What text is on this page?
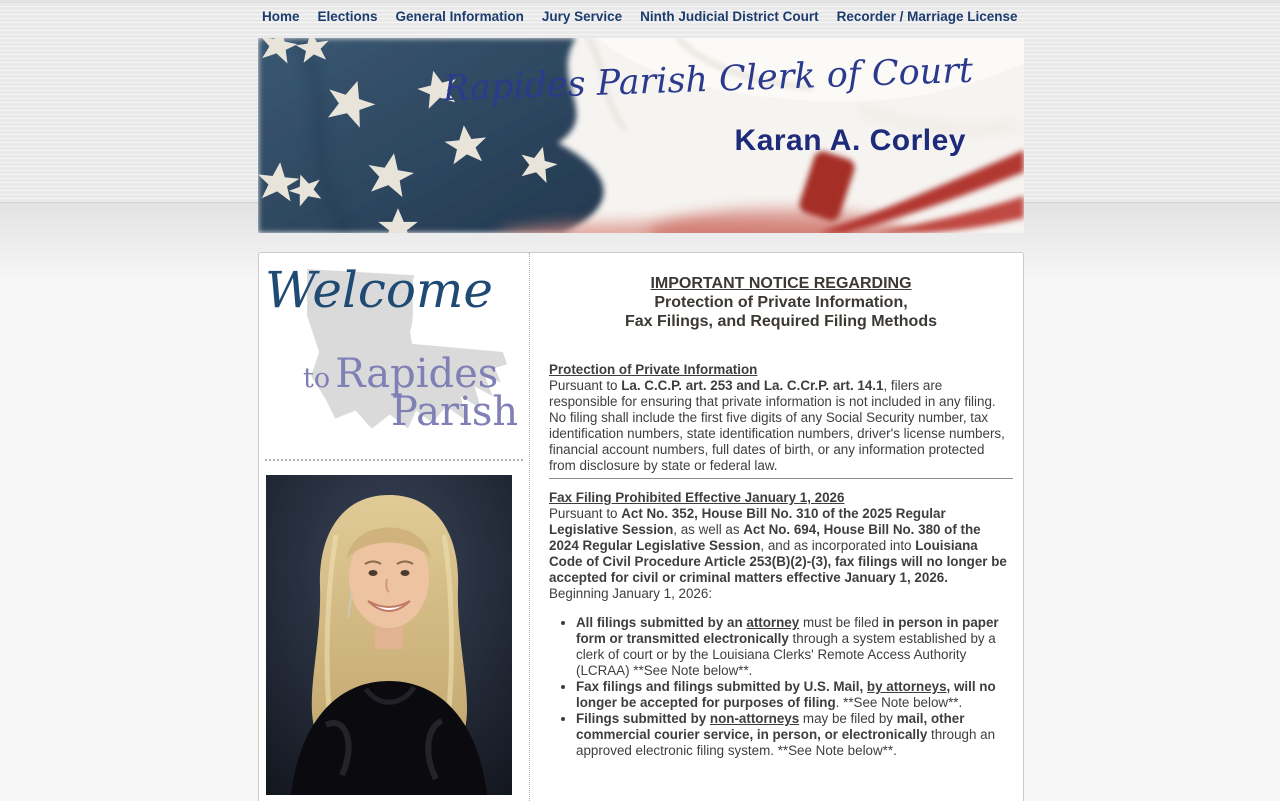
Home Elections General Information Jury Service Ninth Judicial District Court Recorder / Marriage License
Rapides Parish Clerk of Court
Karan A. Corley
Welcome
to Rapides
Parish
IMPORTANT NOTICE REGARDING
Protection of Private Information,
Fax Filings, and Required Filing Methods
Protection of Private Information

Pursuant to La. C.C.P. art. 253 and La. C.Cr.P. art. 14.1, filers are responsible for ensuring that private information is not included in any filing. No filing shall include the first five digits of any Social Security number, tax identification numbers, state identification numbers, driver's license numbers, financial account numbers, full dates of birth, or any information protected from disclosure by state or federal law.

Fax Filing Prohibited Effective January 1, 2026

Pursuant to Act No. 352, House Bill No. 310 of the 2025 Regular Legislative Session, as well as Act No. 694, House Bill No. 380 of the 2024 Regular Legislative Session, and as incorporated into Louisiana Code of Civil Procedure Article 253(B)(2)-(3), fax filings will no longer be accepted for civil or criminal matters effective January 1, 2026.

Beginning January 1, 2026:

• All filings submitted by an attorney must be filed in person in paper form or transmitted electronically through a system established by a clerk of court or by the Louisiana Clerks' Remote Access Authority (LCRAA) **See Note below**.
• Fax filings and filings submitted by U.S. Mail, by attorneys, will no longer be accepted for purposes of filing. **See Note below**.
• Filings submitted by non-attorneys may be filed by mail, other commercial courier service, in person, or electronically through an approved electronic filing system. **See Note below**.
